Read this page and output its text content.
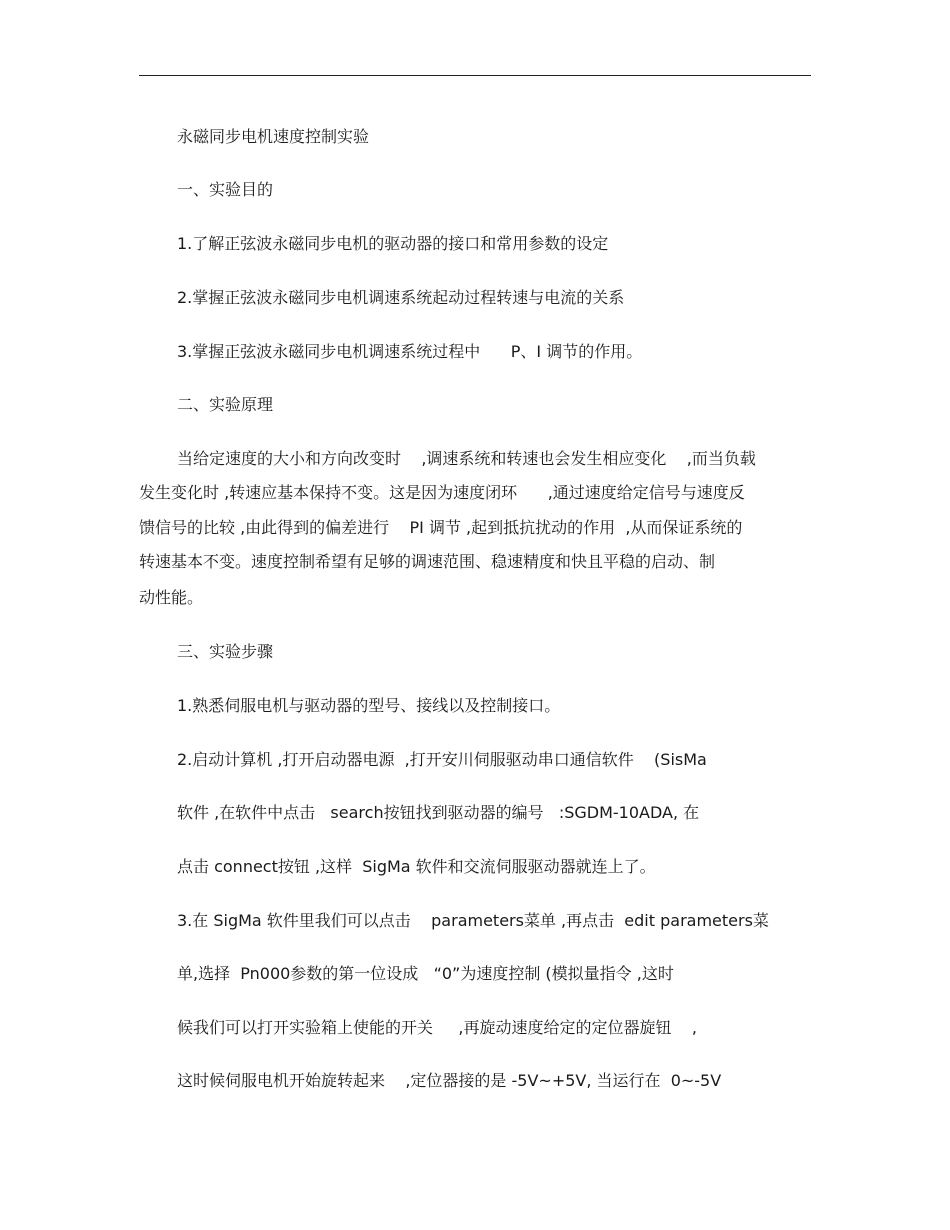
永磁同步电机速度控制实验

一、实验目的

1.了解正弦波永磁同步电机的驱动器的接口和常用参数的设定

2.掌握正弦波永磁同步电机调速系统起动过程转速与电流的关系

3.掌握正弦波永磁同步电机调速系统过程中      P、I 调节的作用。

二、实验原理

当给定速度的大小和方向改变时    ,调速系统和转速也会发生相应变化    ,而当负载

发生变化时 ,转速应基本保持不变。这是因为速度闭环      ,通过速度给定信号与速度反

馈信号的比较 ,由此得到的偏差进行    PI 调节 ,起到抵抗扰动的作用  ,从而保证系统的

转速基本不变。速度控制希望有足够的调速范围、稳速精度和快且平稳的启动、制

动性能。

三、实验步骤

1.熟悉伺服电机与驱动器的型号、接线以及控制接口。

2.启动计算机 ,打开启动器电源  ,打开安川伺服驱动串口通信软件    (SisMa

软件 ,在软件中点击   search按钮找到驱动器的编号   :SGDM-10ADA, 在

点击 connect按钮 ,这样  SigMa 软件和交流伺服驱动器就连上了。

3.在 SigMa 软件里我们可以点击    parameters菜单 ,再点击  edit parameters菜

单,选择  Pn000参数的第一位设成   “0”为速度控制 (模拟量指令 ,这时

候我们可以打开实验箱上使能的开关     ,再旋动速度给定的定位器旋钮    ,

这时候伺服电机开始旋转起来    ,定位器接的是 -5V~+5V, 当运行在  0~-5V
